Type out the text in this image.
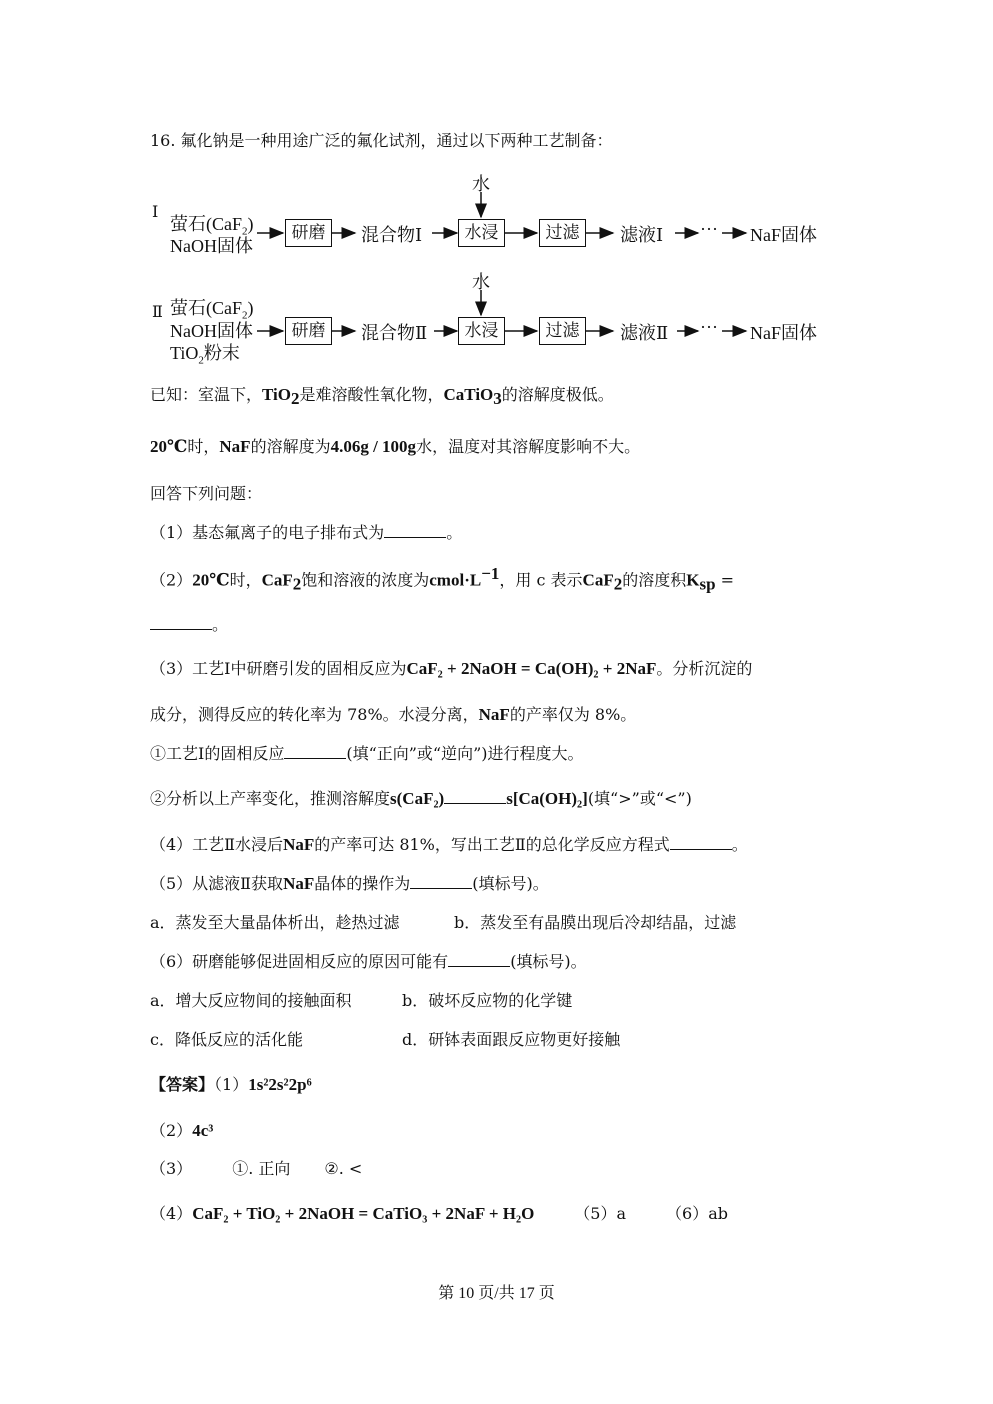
16. 氟化钠是一种用途广泛的氟化试剂，通过以下两种工艺制备：
Ⅰ
萤石(CaF$_2$)
NaOH固体
研磨	混合物Ⅰ
水
水浸	过滤	滤液Ⅰ ··· NaF固体
Ⅱ 萤石(CaF$_2$)
NaOH固体
TiO$_2$粉末
研磨	混合物Ⅱ
水
水浸	过滤	滤液Ⅱ ··· NaF固体
已知：室温下，TiO$_2$是难溶酸性氧化物，CaTiO$_3$的溶解度极低。
20℃时，NaF的溶解度为4.06g / 100g水，温度对其溶解度影响不大。
回答下列问题：
（1）基态氟离子的电子排布式为	。
（2）20℃时，CaF$_2$饱和溶液的浓度为$cmol\cdot L^{-1}$，用 c 表示CaF$_2$的溶度积$K_{sp}$ =
。
（3）工艺Ⅰ中研磨引发的固相反应为CaF₂ + 2NaOH = Ca(OH)₂ + 2NaF。分析沉淀的
成分，测得反应的转化率为 78%。水浸分离，NaF的产率仅为 8%。
①工艺Ⅰ的固相反应	(填“正向”或“逆向”)进行程度大。
②分析以上产率变化，推测溶解度s(CaF₂)	s[Ca(OH)₂](填“>”或“<”)
（4）工艺Ⅱ水浸后NaF的产率可达 81%，写出工艺Ⅱ的总化学反应方程式	。
（5）从滤液Ⅱ获取NaF晶体的操作为	(填标号)。
a．蒸发至大量晶体析出，趁热过滤	b．蒸发至有晶膜出现后冷却结晶，过滤
（6）研磨能够促进固相反应的原因可能有	(填标号)。
a．增大反应物间的接触面积	b．破坏反应物的化学键
c．降低反应的活化能	d．研钵表面跟反应物更好接触
【答案】（1）1s²2s²2p⁶
（2）4c³
（3）	①. 正向 ②. <
（4）CaF₂ + TiO₂ + 2NaOH = CaTiO₃ + 2NaF + H₂O	（5）a	（6）ab
第 10 页/共 17 页
